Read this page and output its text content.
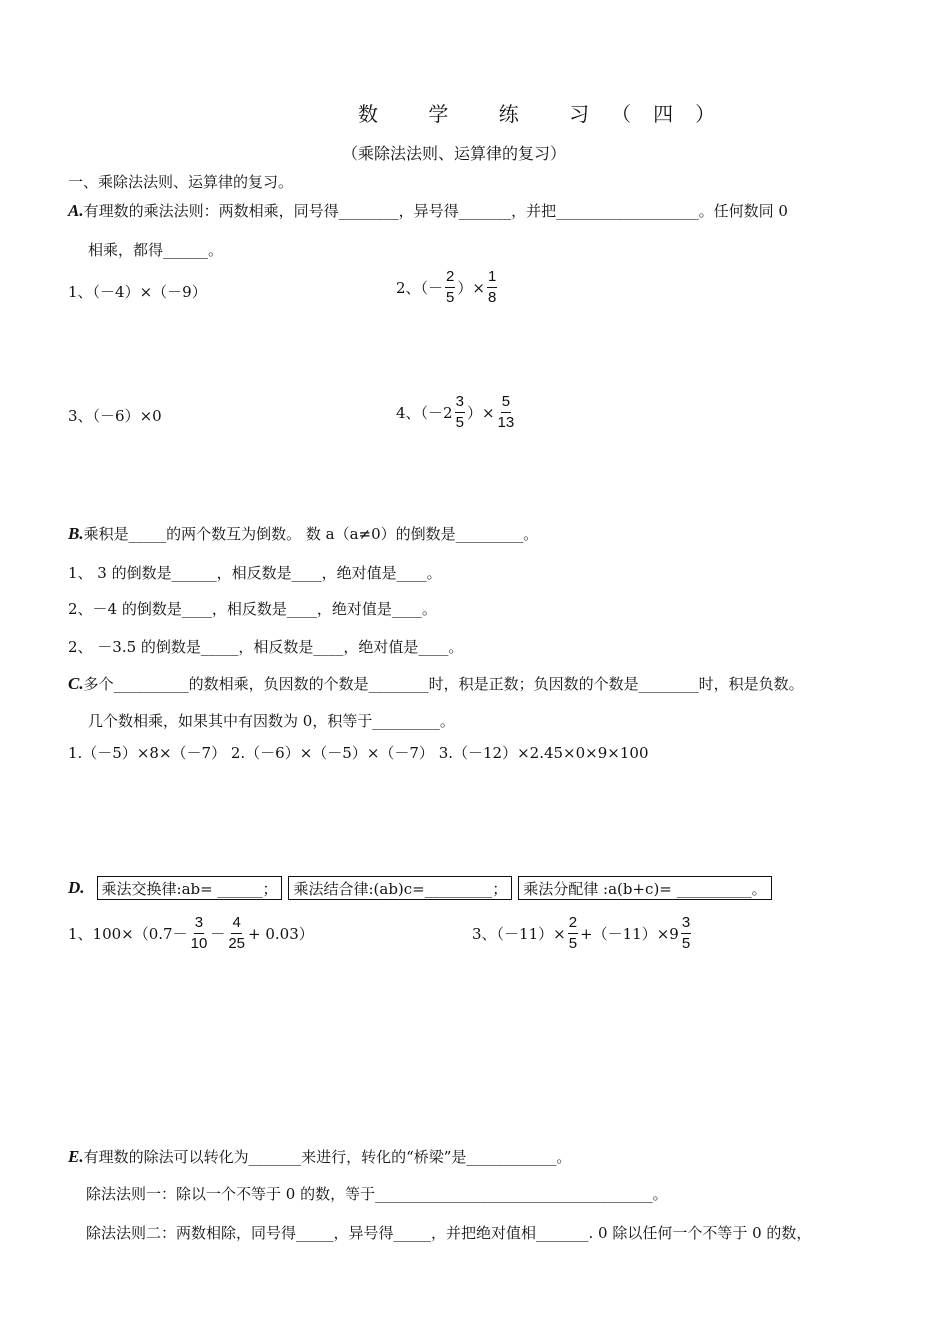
数 学 练 习（四）
（乘除法法则、运算律的复习）
一、乘除法法则、运算律的复习。
A. 有理数的乘法法则：两数相乘，同号得________，异号得_______，并把___________________。任何数同 0
相乘，都得______。
1、（－4）×（－9）	2、（－ $\frac{2}{5}$ ）× $\frac{1}{8}$
3、（－6）×0	4、（$-2 \frac{3}{5}$ ）× $\frac{5}{13}$
B. 乘积是_____的两个数互为倒数。 数 a（a≠0）的倒数是_________。
1、 3 的倒数是______，相反数是____，绝对值是____。
2、－4 的倒数是____，相反数是____，绝对值是____。
2、 －3.5 的倒数是_____，相反数是____，绝对值是____。
C. 多个__________的数相乘，负因数的个数是________时，积是正数；负因数的个数是________时，积是负数。
几个数相乘，如果其中有因数为 0，积等于_________。
1.（－5）×8×（－7） 2.（－6）×（－5）×（－7） 3.（－12）×2.45×0×9×100
D.	乘法交换律:ab= ______；	乘法结合律:(ab)c=_________；	乘法分配律 :a(b+c)= __________。
1、$100\times(0.7- \frac{3}{10} - \frac{4}{25} + 0.03)$	3、$(-11)\times \frac{2}{5} +(-11)\times 9 \frac{3}{5}$
E. 有理数的除法可以转化为_______来进行，转化的“桥梁”是____________。
除法法则一：除以一个不等于 0 的数，等于_____________________________________。
除法法则二：两数相除，同号得_____，异号得_____，并把绝对值相_______. 0 除以任何一个不等于 0 的数，
